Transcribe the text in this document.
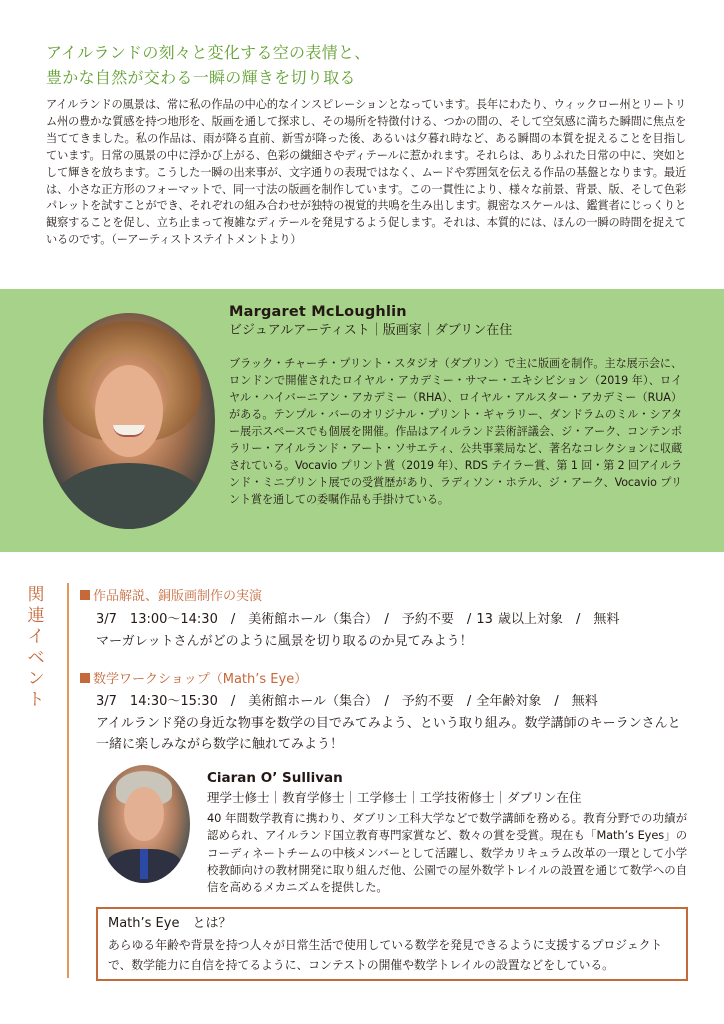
アイルランドの刻々と変化する空の表情と、
豊かな自然が交わる一瞬の輝きを切り取る

アイルランドの風景は、常に私の作品の中心的なインスピレーションとなっています。長年にわたり、ウィックロー州とリートリム州の豊かな質感を持つ地形を、版画を通して探求し、その場所を特徴付ける、つかの間の、そして空気感に満ちた瞬間に焦点を当ててきました。私の作品は、雨が降る直前、新雪が降った後、あるいは夕暮れ時など、ある瞬間の本質を捉えることを目指しています。日常の風景の中に浮かび上がる、色彩の繊細さやディテールに惹かれます。それらは、ありふれた日常の中に、突如として輝きを放ちます。こうした一瞬の出来事が、文字通りの表現ではなく、ムードや雰囲気を伝える作品の基盤となります。最近は、小さな正方形のフォーマットで、同一寸法の版画を制作しています。この一貫性により、様々な前景、背景、版、そして色彩パレットを試すことができ、それぞれの組み合わせが独特の視覚的共鳴を生み出します。親密なスケールは、鑑賞者にじっくりと観察することを促し、立ち止まって複雑なディテールを発見するよう促します。それは、本質的には、ほんの一瞬の時間を捉えているのです。（ーアーティストステイトメントより）

Margaret McLoughlin
ビジュアルアーティスト｜版画家｜ダブリン在住

ブラック・チャーチ・プリント・スタジオ（ダブリン）で主に版画を制作。主な展示会に、ロンドンで開催されたロイヤル・アカデミー・サマー・エキシビション（2019 年）、ロイヤル・ハイバーニアン・アカデミー（RHA）、ロイヤル・アルスター・アカデミー（RUA）がある。テンプル・バーのオリジナル・プリント・ギャラリー、ダンドラムのミル・シアター展示スペースでも個展を開催。作品はアイルランド芸術評議会、ジ・アーク、コンテンポラリー・アイルランド・アート・ソサエティ、公共事業局など、著名なコレクションに収蔵されている。Vocavio プリント賞（2019 年）、RDS テイラー賞、第 1 回・第 2 回アイルランド・ミニプリント展での受賞歴があり、ラディソン・ホテル、ジ・アーク、Vocavio プリント賞を通しての委嘱作品も手掛けている。

関
連
イ
ベ
ン
ト
作品解説、銅版画制作の実演
3/7　13:00〜14:30　/　美術館ホール（集合）　/　予約不要　/ 13 歳以上対象　/　無料

マーガレットさんがどのように風景を切り取るのか見てみよう！

数学ワークショップ（Math’s Eye）
3/7　14:30〜15:30　/　美術館ホール（集合）　/　予約不要　/ 全年齢対象　/　無料

アイルランド発の身近な物事を数学の目でみてみよう、という取り組み。数学講師のキーランさんと一緒に楽しみながら数学に触れてみよう！

Ciaran O’ Sullivan
理学士修士｜教育学修士｜工学修士｜工学技術修士｜ダブリン在住

40 年間数学教育に携わり、ダブリン工科大学などで数学講師を務める。教育分野での功績が認められ、アイルランド国立教育専門家賞など、数々の賞を受賞。現在も「Math’s Eyes」のコーディネートチームの中核メンバーとして活躍し、数学カリキュラム改革の一環として小学校教師向けの教材開発に取り組んだ他、公園での屋外数学トレイルの設置を通じて数学への自信を高めるメカニズムを提供した。

Math’s Eye　とは？

あらゆる年齢や背景を持つ人々が日常生活で使用している数学を発見できるように支援するプロジェクトで、数学能力に自信を持てるように、コンテストの開催や数学トレイルの設置などをしている。
